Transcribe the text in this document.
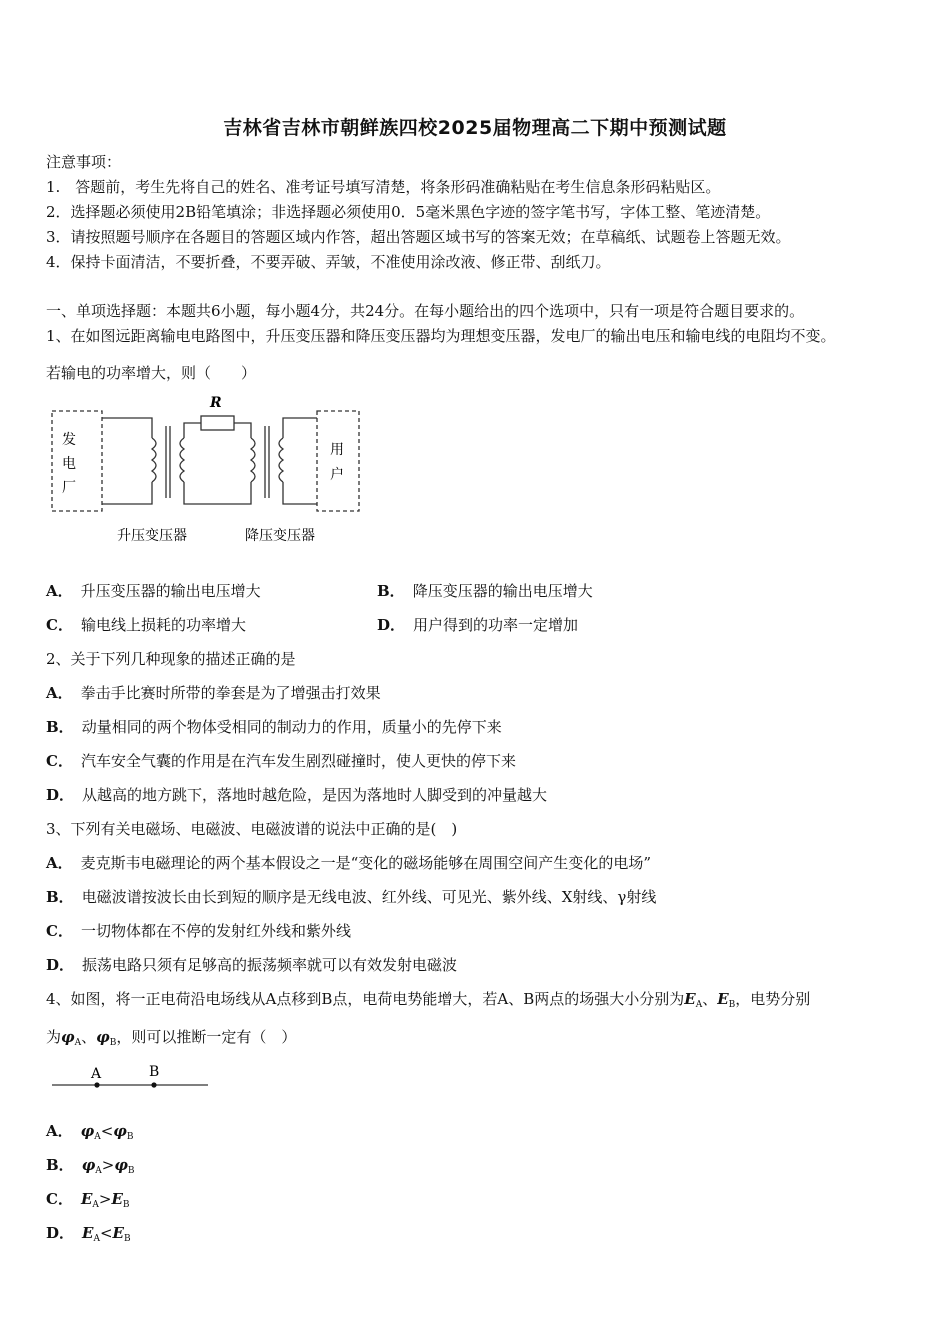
吉林省吉林市朝鲜族四校2025届物理高二下期中预测试题
注意事项：
1.　答题前，考生先将自己的姓名、准考证号填写清楚，将条形码准确粘贴在考生信息条形码粘贴区。
2．选择题必须使用2B铅笔填涂；非选择题必须使用0．5毫米黑色字迹的签字笔书写，字体工整、笔迹清楚。
3．请按照题号顺序在各题目的答题区域内作答，超出答题区域书写的答案无效；在草稿纸、试题卷上答题无效。
4．保持卡面清洁，不要折叠，不要弄破、弄皱，不准使用涂改液、修正带、刮纸刀。
一、单项选择题：本题共6小题，每小题4分，共24分。在每小题给出的四个选项中，只有一项是符合题目要求的。
1、在如图远距离输电电路图中，升压变压器和降压变压器均为理想变压器，发电厂的输出电压和输电线的电阻均不变。
若输电的功率增大，则（　　）
R
发
电
厂
用
户
升压变压器	降压变压器
A． 升压变压器的输出电压增大	B． 降压变压器的输出电压增大
C． 输电线上损耗的功率增大	D． 用户得到的功率一定增加
2、关于下列几种现象的描述正确的是
A． 拳击手比赛时所带的拳套是为了增强击打效果
B． 动量相同的两个物体受相同的制动力的作用，质量小的先停下来
C． 汽车安全气囊的作用是在汽车发生剧烈碰撞时，使人更快的停下来
D． 从越高的地方跳下，落地时越危险，是因为落地时人脚受到的冲量越大
3、下列有关电磁场、电磁波、电磁波谱的说法中正确的是(　)
A． 麦克斯韦电磁理论的两个基本假设之一是“变化的磁场能够在周围空间产生变化的电场”
B． 电磁波谱按波长由长到短的顺序是无线电波、红外线、可见光、紫外线、X射线、γ射线
C． 一切物体都在不停的发射红外线和紫外线
D． 振荡电路只须有足够高的振荡频率就可以有效发射电磁波
4、如图，将一正电荷沿电场线从A点移到B点，电荷电势能增大，若A、B两点的场强大小分别为$E_A$、$E_B$，电势分别
为$\varphi_A$、$\varphi_B$，则可以推断一定有（　）
A	B
A． $\varphi_A<\varphi_B$
B． $\varphi_A>\varphi_B$
C． $E_A>E_B$
D． $E_A<E_B$
